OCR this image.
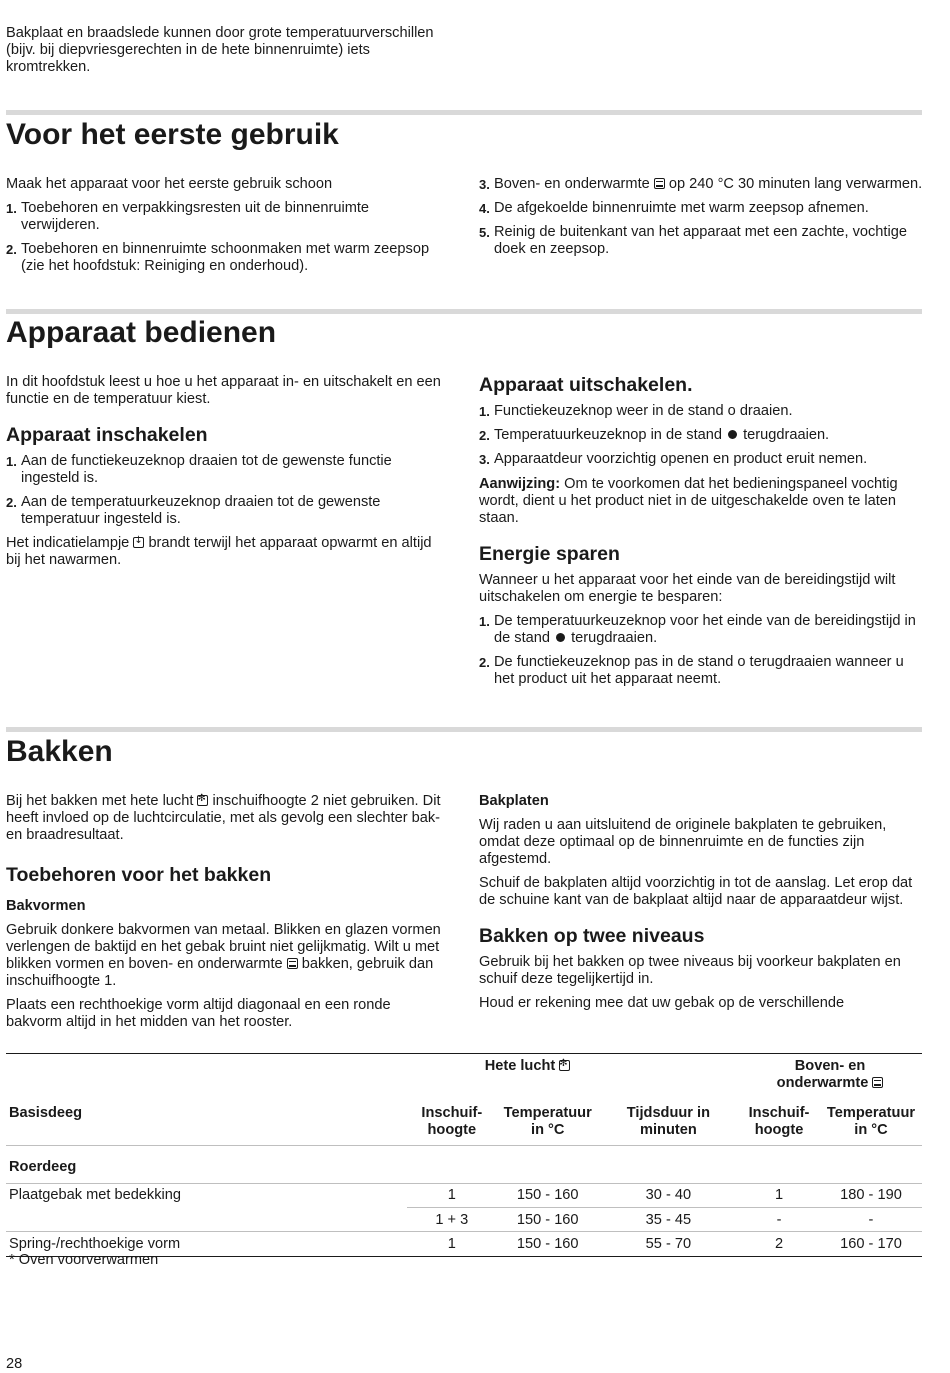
Bakplaat en braadslede kunnen door grote temperatuurverschillen (bijv. bij diepvriesgerechten in de hete binnenruimte) iets kromtrekken.

Voor het eerste gebruik

Maak het apparaat voor het eerste gebruik schoon

1. Toebehoren en verpakkingsresten uit de binnenruimte verwijderen.
2. Toebehoren en binnenruimte schoonmaken met warm zeepsop (zie het hoofdstuk: Reiniging en onderhoud).
3. Boven- en onderwarmte op 240 °C 30 minuten lang verwarmen.
4. De afgekoelde binnenruimte met warm zeepsop afnemen.
5. Reinig de buitenkant van het apparaat met een zachte, vochtige doek en zeepsop.
Apparaat bedienen

In dit hoofdstuk leest u hoe u het apparaat in- en uitschakelt en een functie en de temperatuur kiest.

Apparaat inschakelen
1. Aan de functiekeuzeknop draaien tot de gewenste functie ingesteld is.
2. Aan de temperatuurkeuzeknop draaien tot de gewenste temperatuur ingesteld is.

Het indicatielampje ↓ brandt terwijl het apparaat opwarmt en altijd bij het nawarmen.

Apparaat uitschakelen.
1. Functiekeuzeknop weer in de stand o draaien.
2. Temperatuurkeuzeknop in de stand terugdraaien.
3. Apparaatdeur voorzichtig openen en product eruit nemen.

Aanwijzing: Om te voorkomen dat het bedieningspaneel vochtig wordt, dient u het product niet in de uitgeschakelde oven te laten staan.

Energie sparen

Wanneer u het apparaat voor het einde van de bereidingstijd wilt uitschakelen om energie te besparen:

1. De temperatuurkeuzeknop voor het einde van de bereidingstijd in de stand terugdraaien.
2. De functiekeuzeknop pas in de stand o terugdraaien wanneer u het product uit het apparaat neemt.
Bakken

Bij het bakken met hete lucht ✻ inschuifhoogte 2 niet gebruiken. Dit heeft invloed op de luchtcirculatie, met als gevolg een slechter bak- en braadresultaat.

Toebehoren voor het bakken
Bakvormen

Gebruik donkere bakvormen van metaal. Blikken en glazen vormen verlengen de baktijd en het gebak bruint niet gelijkmatig. Wilt u met blikken vormen en boven- en onderwarmte bakken, gebruik dan inschuifhoogte 1.

Plaats een rechthoekige vorm altijd diagonaal en een ronde bakvorm altijd in het midden van het rooster.

Bakplaten

Wij raden u aan uitsluitend de originele bakplaten te gebruiken, omdat deze optimaal op de binnenruimte en de functies zijn afgestemd.

Schuif de bakplaten altijd voorzichtig in tot de aanslag. Let erop dat de schuine kant van de bakplaat altijd naar de apparaatdeur wijst.

Bakken op twee niveaus

Gebruik bij het bakken op twee niveaus bij voorkeur bakplaten en schuif deze tegelijkertijd in.

Houd er rekening mee dat uw gebak op de verschillende

	Hete lucht ✻			Boven- en onderwarmte	
Basisdeeg	Inschuif-hoogte	Temperatuur in °C	Tijdsduur in minuten	Inschuif-hoogte	Temperatuur in °C
Roerdeeg					
Plaatgebak met bedekking	1	150 - 160	30 - 40	1	180 - 190
	1 + 3	150 - 160	35 - 45	-	-
Spring-/rechthoekige vorm	1	150 - 160	55 - 70	2	160 - 170

* Oven voorverwarmen

28
